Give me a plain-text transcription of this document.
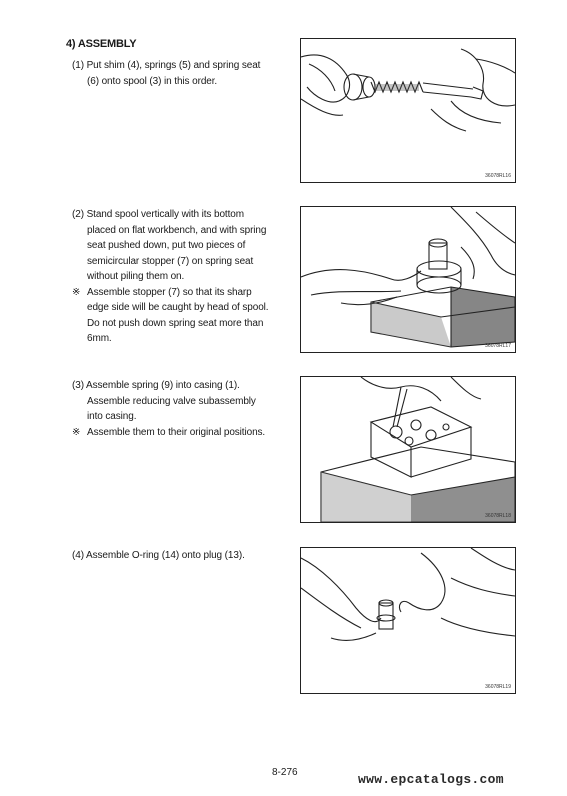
4) ASSEMBLY
(1) Put shim (4), springs (5) and spring seat
(6) onto spool (3) in this order.
36078RL16
(2) Stand spool vertically with its bottom
placed on flat workbench, and with spring
seat pushed down, put two pieces of
semicircular stopper (7) on spring seat
without piling them on.
※ Assemble stopper (7) so that its sharp
edge side will be caught by head of spool.
Do not push down spring seat more than
6mm.
36078RL17
(3) Assemble spring (9) into casing (1).
Assemble reducing valve subassembly
into casing.
※ Assemble them to their original positions.
36078RL18
(4) Assemble O-ring (14) onto plug (13).
36078RL19
8-276	www.epcatalogs.com
